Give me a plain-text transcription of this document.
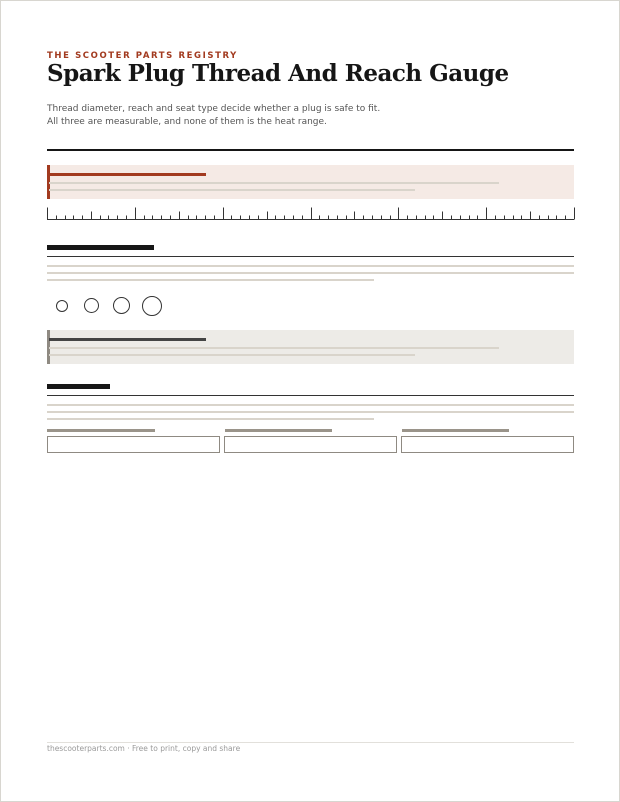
THE SCOOTER PARTS REGISTRY
Spark Plug Thread And Reach Gauge
Thread diameter, reach and seat type decide whether a plug is safe to fit.
All three are measurable, and none of them is the heat range.
thescooterparts.com · Free to print, copy and share
